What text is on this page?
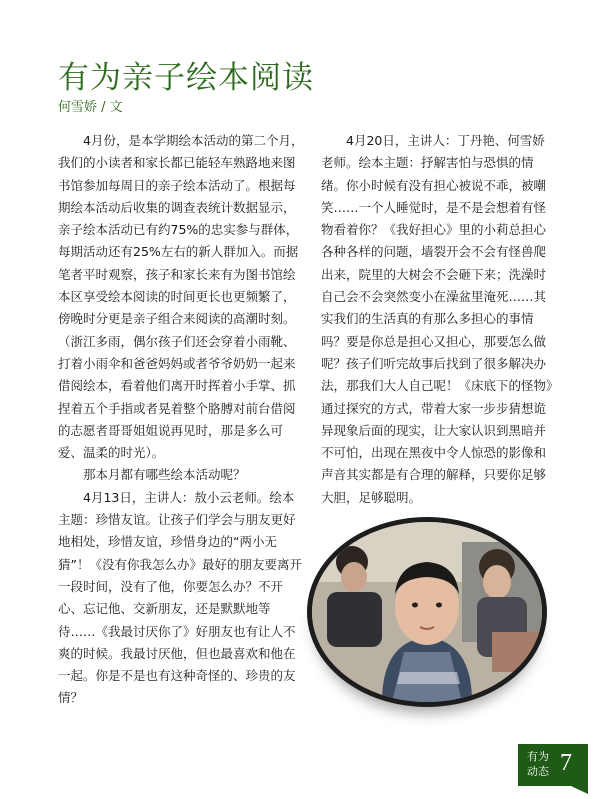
有为亲子绘本阅读
何雪娇 / 文

4月份，是本学期绘本活动的第二个月，我们的小读者和家长都已能轻车熟路地来图书馆参加每周日的亲子绘本活动了。根据每期绘本活动后收集的调查表统计数据显示，亲子绘本活动已有约75%的忠实参与群体，每期活动还有25%左右的新人群加入。而据笔者平时观察，孩子和家长来有为图书馆绘本区享受绘本阅读的时间更长也更频繁了，傍晚时分更是亲子组合来阅读的高潮时刻。（浙江多雨，偶尔孩子们还会穿着小雨靴、打着小雨伞和爸爸妈妈或者爷爷奶奶一起来借阅绘本，看着他们离开时挥着小手掌、抓捏着五个手指或者晃着整个胳膊对前台借阅的志愿者哥哥姐姐说再见时，那是多么可爱、温柔的时光）。

那本月都有哪些绘本活动呢？

4月13日，主讲人：敖小云老师。绘本主题：珍惜友谊。让孩子们学会与朋友更好地相处，珍惜友谊，珍惜身边的“两小无猜”！《没有你我怎么办》最好的朋友要离开一段时间，没有了他，你要怎么办？不开心、忘记他、交新朋友，还是默默地等待……《我最讨厌你了》好朋友也有让人不爽的时候。我最讨厌他，但也最喜欢和他在一起。你是不是也有这种奇怪的、珍贵的友情？

4月20日，主讲人：丁丹艳、何雪娇老师。绘本主题：抒解害怕与恐惧的情绪。你小时候有没有担心被说不乖，被嘲笑……一个人睡觉时，是不是会想着有怪物看着你？《我好担心》里的小莉总担心各种各样的问题，墙裂开会不会有怪兽爬出来，院里的大树会不会砸下来；洗澡时自己会不会突然变小在澡盆里淹死……其实我们的生活真的有那么多担心的事情吗？要是你总是担心又担心，那要怎么做呢？孩子们听完故事后找到了很多解决办法，那我们大人自己呢！《床底下的怪物》通过探究的方式，带着大家一步步猜想诡异现象后面的现实，让大家认识到黑暗并不可怕，出现在黑夜中令人惊恐的影像和声音其实都是有合理的解释，只要你足够大胆，足够聪明。

有为动态 7
